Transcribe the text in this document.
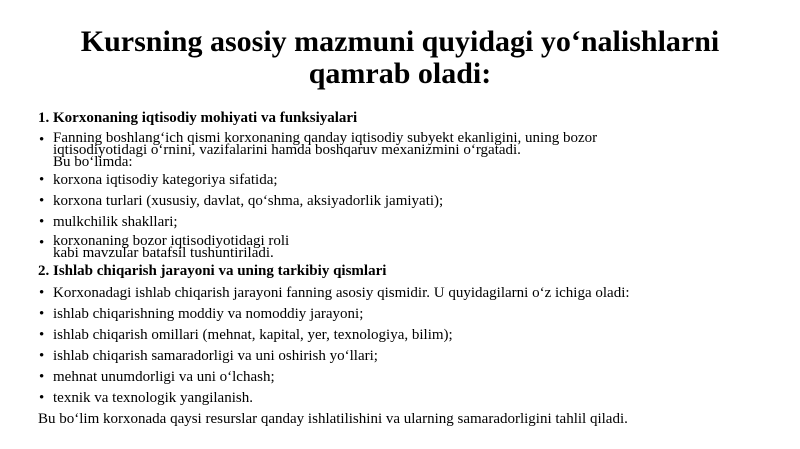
Kursning asosiy mazmuni quyidagi yo‘nalishlarni
qamrab oladi:
1. Korxonaning iqtisodiy mohiyati va funksiyalari
• Fanning boshlang‘ich qismi korxonaning qanday iqtisodiy subyekt ekanligini, uning bozor
iqtisodiyotidagi o‘rnini, vazifalarini hamda boshqaruv mexanizmini o‘rgatadi.
Bu bo‘limda:
• korxona iqtisodiy kategoriya sifatida;
• korxona turlari (xususiy, davlat, qo‘shma, aksiyadorlik jamiyati);
• mulkchilik shakllari;
• korxonaning bozor iqtisodiyotidagi roli
kabi mavzular batafsil tushuntiriladi.
2. Ishlab chiqarish jarayoni va uning tarkibiy qismlari
• Korxonadagi ishlab chiqarish jarayoni fanning asosiy qismidir. U quyidagilarni o‘z ichiga oladi:
• ishlab chiqarishning moddiy va nomoddiy jarayoni;
• ishlab chiqarish omillari (mehnat, kapital, yer, texnologiya, bilim);
• ishlab chiqarish samaradorligi va uni oshirish yo‘llari;
• mehnat unumdorligi va uni o‘lchash;
• texnik va texnologik yangilanish.
Bu bo‘lim korxonada qaysi resurslar qanday ishlatilishini va ularning samaradorligini tahlil qiladi.
